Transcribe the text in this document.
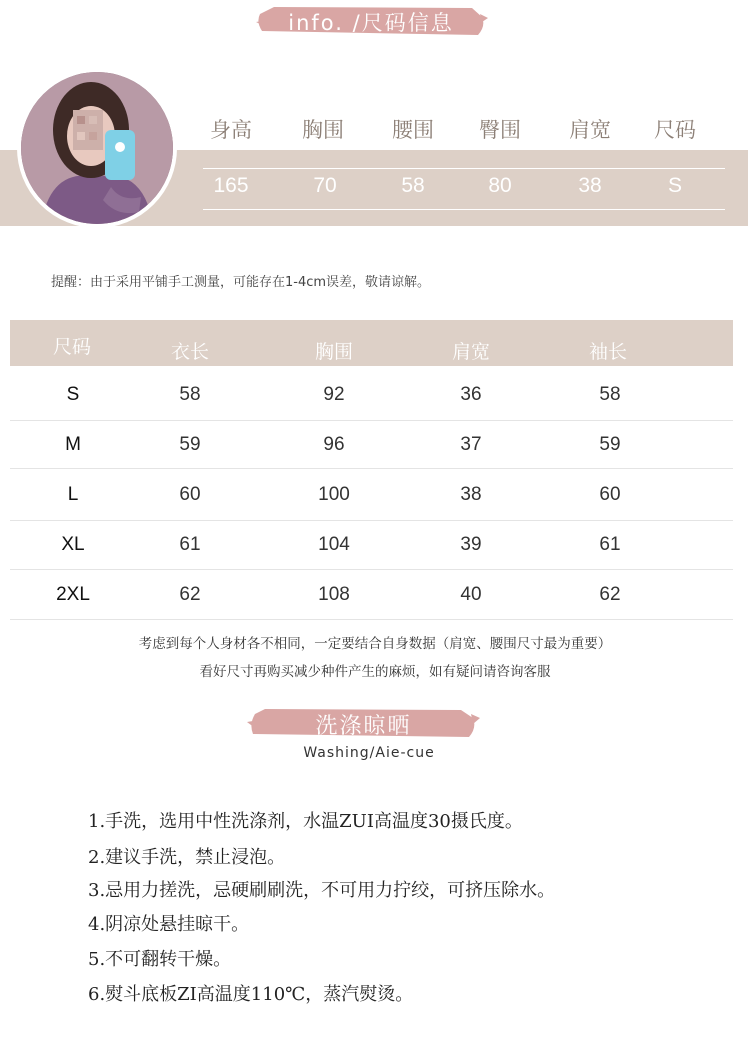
info. /尺码信息
身高	胸围	腰围	臀围	肩宽	尺码
165	70	58	80	38	S
提醒：由于采用平铺手工测量，可能存在1-4cm误差，敬请谅解。
尺码	衣长	胸围	肩宽	袖长
S	58	92	36	58
M	59	96	37	59
L	60	100	38	60
XL	61	104	39	61
2XL	62	108	40	62
考虑到每个人身材各不相同，一定要结合自身数据（肩宽、腰围尺寸最为重要）
看好尺寸再购买减少种件产生的麻烦，如有疑问请咨询客服
洗涤晾晒
Washing/Aie-cue
1.手洗，选用中性洗涤剂，水温ZUI高温度30摄氏度。
2.建议手洗，禁止浸泡。
3.忌用力搓洗，忌硬刷刷洗，不可用力拧绞，可挤压除水。
4.阴凉处悬挂晾干。
5.不可翻转干燥。
6.熨斗底板ZI高温度110℃，蒸汽熨烫。
